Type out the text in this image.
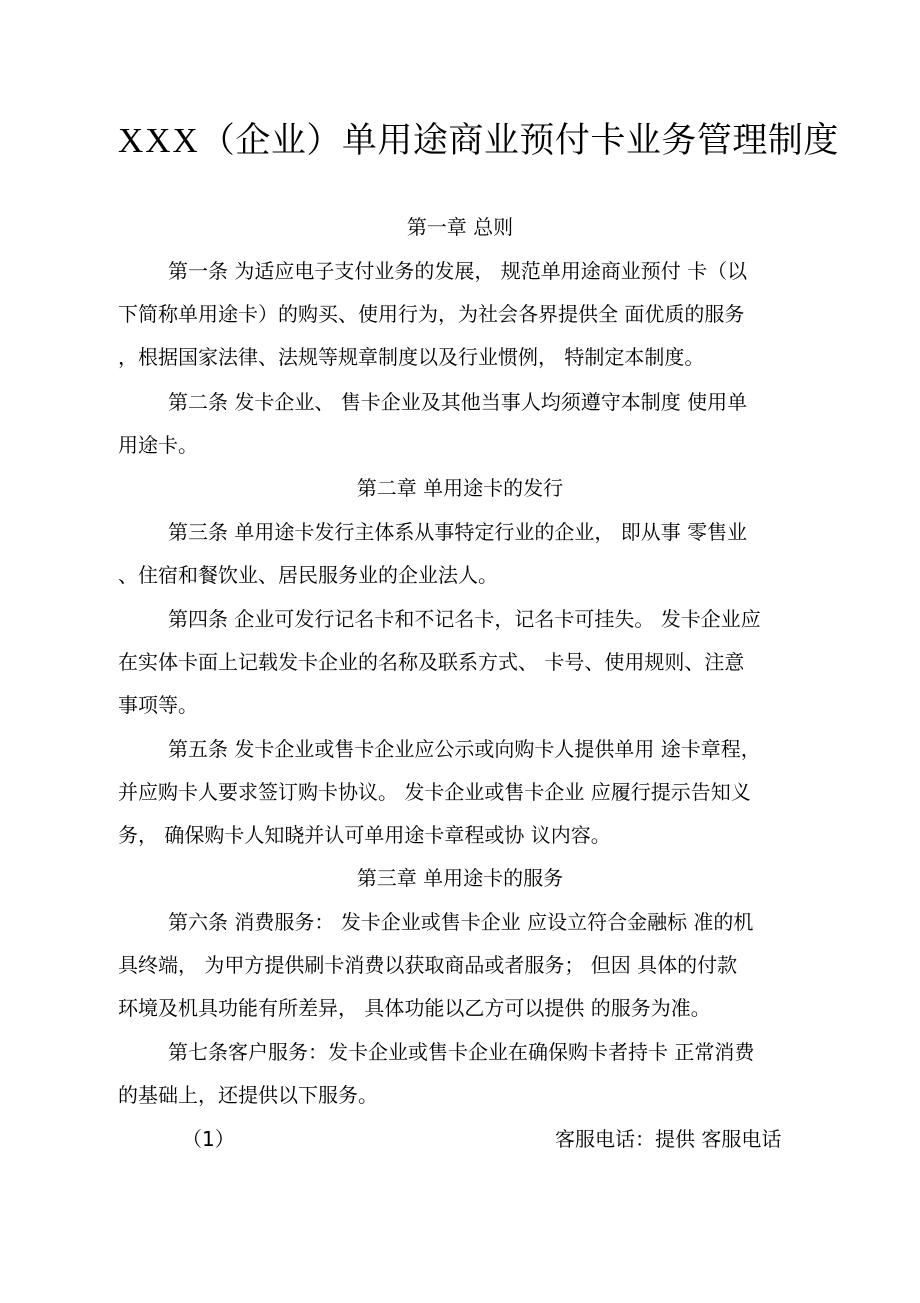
XXX（企业）单用途商业预付卡业务管理制度
第一章 总则
第一条 为适应电子支付业务的发展， 规范单用途商业预付 卡（以
下简称单用途卡）的购买、使用行为，为社会各界提供全 面优质的服务
，根据国家法律、法规等规章制度以及行业惯例， 特制定本制度。
第二条 发卡企业、 售卡企业及其他当事人均须遵守本制度 使用单
用途卡。
第二章 单用途卡的发行
第三条 单用途卡发行主体系从事特定行业的企业， 即从事 零售业
、住宿和餐饮业、居民服务业的企业法人。
第四条 企业可发行记名卡和不记名卡，记名卡可挂失。 发卡企业应
在实体卡面上记载发卡企业的名称及联系方式、 卡号、使用规则、注意
事项等。
第五条 发卡企业或售卡企业应公示或向购卡人提供单用 途卡章程，
并应购卡人要求签订购卡协议。 发卡企业或售卡企业 应履行提示告知义
务， 确保购卡人知晓并认可单用途卡章程或协 议内容。
第三章 单用途卡的服务
第六条 消费服务： 发卡企业或售卡企业 应设立符合金融标 准的机
具终端， 为甲方提供刷卡消费以获取商品或者服务； 但因 具体的付款
环境及机具功能有所差异， 具体功能以乙方可以提供 的服务为准。
第七条客户服务：发卡企业或售卡企业在确保购卡者持卡 正常消费
的基础上，还提供以下服务。
（1）	客服电话：提供 客服电话
